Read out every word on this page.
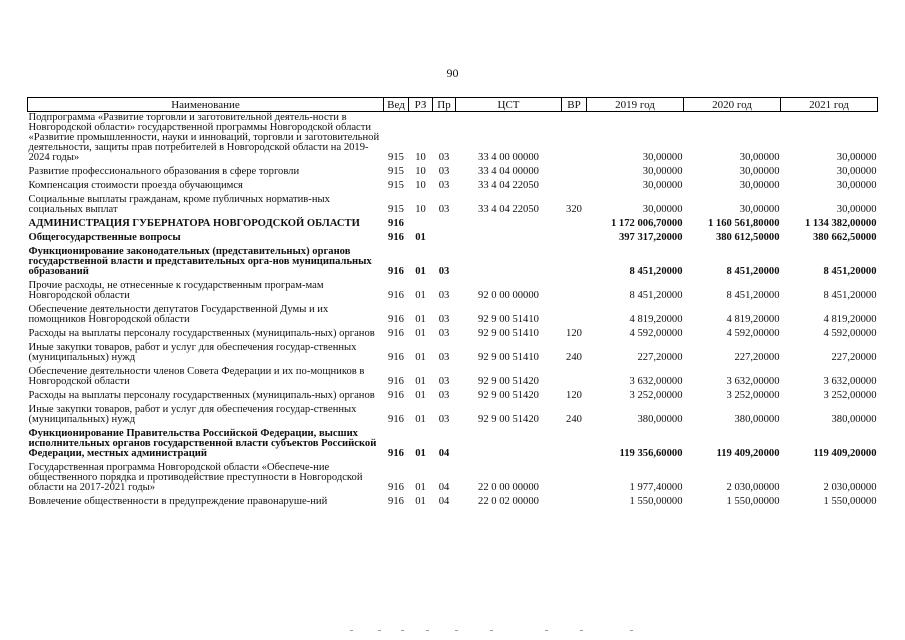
90
Наименование	Вед	РЗ	Пр	ЦСТ	ВР	2019 год	2020 год	2021 год
Подпрограмма «Развитие торговли и заготовительной деятель-ности в Новгородской области» государственной программы Новгородской области «Развитие промышленности, науки и инноваций, торговли и заготовительной деятельности, защиты прав потребителей в Новгородской области на 2019-2024 годы»	915	10	03	33 4 00 00000		30,00000	30,00000	30,00000
Развитие профессионального образования в сфере торговли	915	10	03	33 4 04 00000		30,00000	30,00000	30,00000
Компенсация стоимости проезда обучающимся	915	10	03	33 4 04 22050		30,00000	30,00000	30,00000
Социальные выплаты гражданам, кроме публичных норматив-ных социальных выплат	915	10	03	33 4 04 22050	320	30,00000	30,00000	30,00000
АДМИНИСТРАЦИЯ ГУБЕРНАТОРА НОВГОРОДСКОЙ ОБЛАСТИ	916					1 172 006,70000	1 160 561,80000	1 134 382,00000
Общегосударственные вопросы	916	01				397 317,20000	380 612,50000	380 662,50000
Функционирование законодательных (представительных) органов государственной власти и представительных орга-нов муниципальных образований	916	01	03			8 451,20000	8 451,20000	8 451,20000
Прочие расходы, не отнесенные к государственным програм-мам Новгородской области	916	01	03	92 0 00 00000		8 451,20000	8 451,20000	8 451,20000
Обеспечение деятельности депутатов Государственной Думы и их помощников Новгородской области	916	01	03	92 9 00 51410		4 819,20000	4 819,20000	4 819,20000
Расходы на выплаты персоналу государственных (муниципаль-ных) органов	916	01	03	92 9 00 51410	120	4 592,00000	4 592,00000	4 592,00000
Иные закупки товаров, работ и услуг для обеспечения государ-ственных (муниципальных) нужд	916	01	03	92 9 00 51410	240	227,20000	227,20000	227,20000
Обеспечение деятельности членов Совета Федерации и их по-мощников в Новгородской области	916	01	03	92 9 00 51420		3 632,00000	3 632,00000	3 632,00000
Расходы на выплаты персоналу государственных (муниципаль-ных) органов	916	01	03	92 9 00 51420	120	3 252,00000	3 252,00000	3 252,00000
Иные закупки товаров, работ и услуг для обеспечения государ-ственных (муниципальных) нужд	916	01	03	92 9 00 51420	240	380,00000	380,00000	380,00000
Функционирование Правительства Российской Федерации, высших исполнительных органов государственной власти субъектов Российской Федерации, местных администраций	916	01	04			119 356,60000	119 409,20000	119 409,20000
Государственная программа Новгородской области «Обеспече-ние общественного порядка и противодействие преступности в Новгородской области на 2017-2021 годы»	916	01	04	22 0 00 00000		1 977,40000	2 030,00000	2 030,00000
Вовлечение общественности в предупреждение правонаруше-ний	916	01	04	22 0 02 00000		1 550,00000	1 550,00000	1 550,00000
